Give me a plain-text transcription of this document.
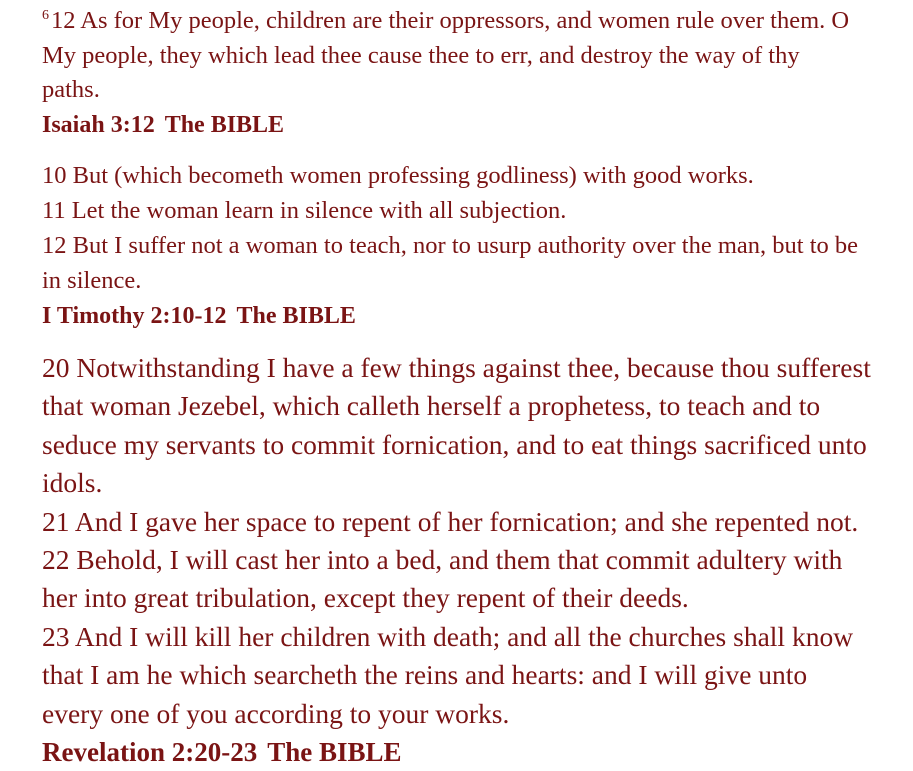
$^6$12 As for My people, children are their oppressors, and women rule over them. O My people, they which lead thee cause thee to err, and destroy the way of thy paths.

Isaiah 3:12 The BIBLE

10 But (which becometh women professing godliness) with good works.

11 Let the woman learn in silence with all subjection.

12 But I suffer not a woman to teach, nor to usurp authority over the man, but to be in silence.

I Timothy 2:10-12 The BIBLE

20 Notwithstanding I have a few things against thee, because thou sufferest that woman Jezebel, which calleth herself a prophetess, to teach and to seduce my servants to commit fornication, and to eat things sacrificed unto idols.

21 And I gave her space to repent of her fornication; and she repented not.

22 Behold, I will cast her into a bed, and them that commit adultery with her into great tribulation, except they repent of their deeds.

23 And I will kill her children with death; and all the churches shall know that I am he which searcheth the reins and hearts: and I will give unto every one of you according to your works.

Revelation 2:20-23 The BIBLE
